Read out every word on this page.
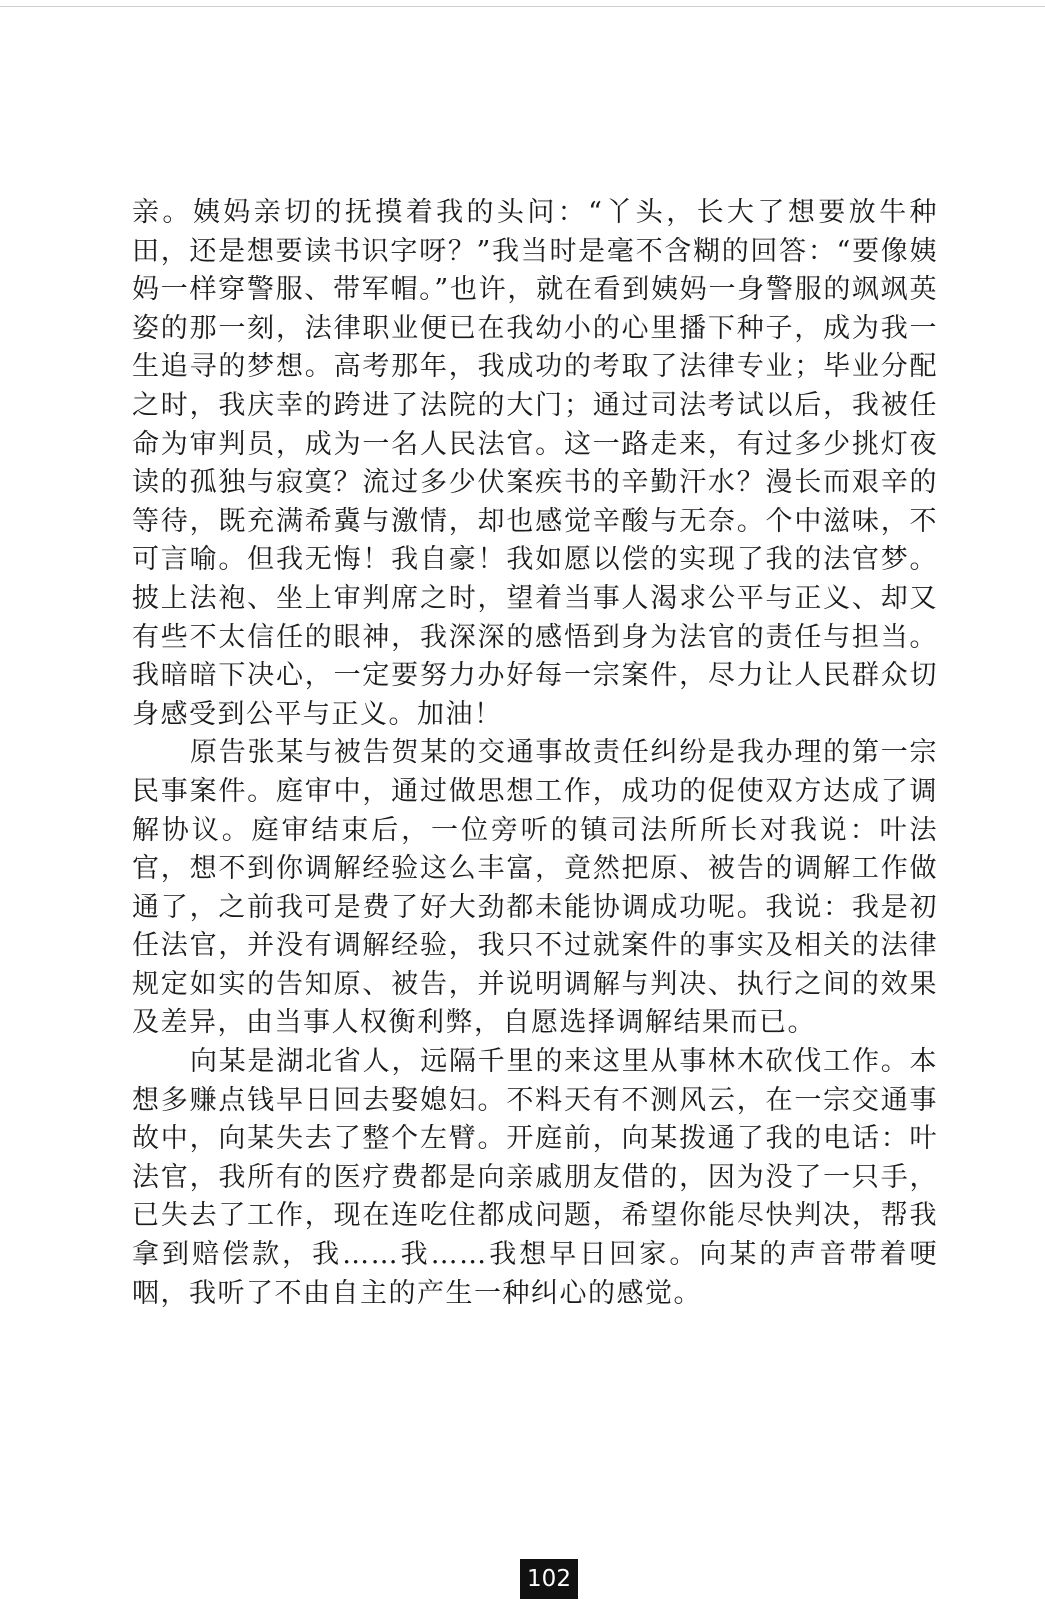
亲。姨妈亲切的抚摸着我的头问：“丫头，长大了想要放牛种田，还是想要读书识字呀？”我当时是毫不含糊的回答：“要像姨妈一样穿警服、带军帽。”也许，就在看到姨妈一身警服的飒飒英姿的那一刻，法律职业便已在我幼小的心里播下种子，成为我一生追寻的梦想。高考那年，我成功的考取了法律专业；毕业分配之时，我庆幸的跨进了法院的大门；通过司法考试以后，我被任命为审判员，成为一名人民法官。这一路走来，有过多少挑灯夜读的孤独与寂寞？流过多少伏案疾书的辛勤汗水？漫长而艰辛的等待，既充满希冀与激情，却也感觉辛酸与无奈。个中滋味，不可言喻。但我无悔！我自豪！我如愿以偿的实现了我的法官梦。披上法袍、坐上审判席之时，望着当事人渴求公平与正义、却又有些不太信任的眼神，我深深的感悟到身为法官的责任与担当。我暗暗下决心，一定要努力办好每一宗案件，尽力让人民群众切身感受到公平与正义。加油！

原告张某与被告贺某的交通事故责任纠纷是我办理的第一宗民事案件。庭审中，通过做思想工作，成功的促使双方达成了调解协议。庭审结束后，一位旁听的镇司法所所长对我说：叶法官，想不到你调解经验这么丰富，竟然把原、被告的调解工作做通了，之前我可是费了好大劲都未能协调成功呢。我说：我是初任法官，并没有调解经验，我只不过就案件的事实及相关的法律规定如实的告知原、被告，并说明调解与判决、执行之间的效果及差异，由当事人权衡利弊，自愿选择调解结果而已。

向某是湖北省人，远隔千里的来这里从事林木砍伐工作。本想多赚点钱早日回去娶媳妇。不料天有不测风云，在一宗交通事故中，向某失去了整个左臂。开庭前，向某拨通了我的电话：叶法官，我所有的医疗费都是向亲戚朋友借的，因为没了一只手，已失去了工作，现在连吃住都成问题，希望你能尽快判决，帮我拿到赔偿款，我……我……我想早日回家。向某的声音带着哽咽，我听了不由自主的产生一种纠心的感觉。

102
